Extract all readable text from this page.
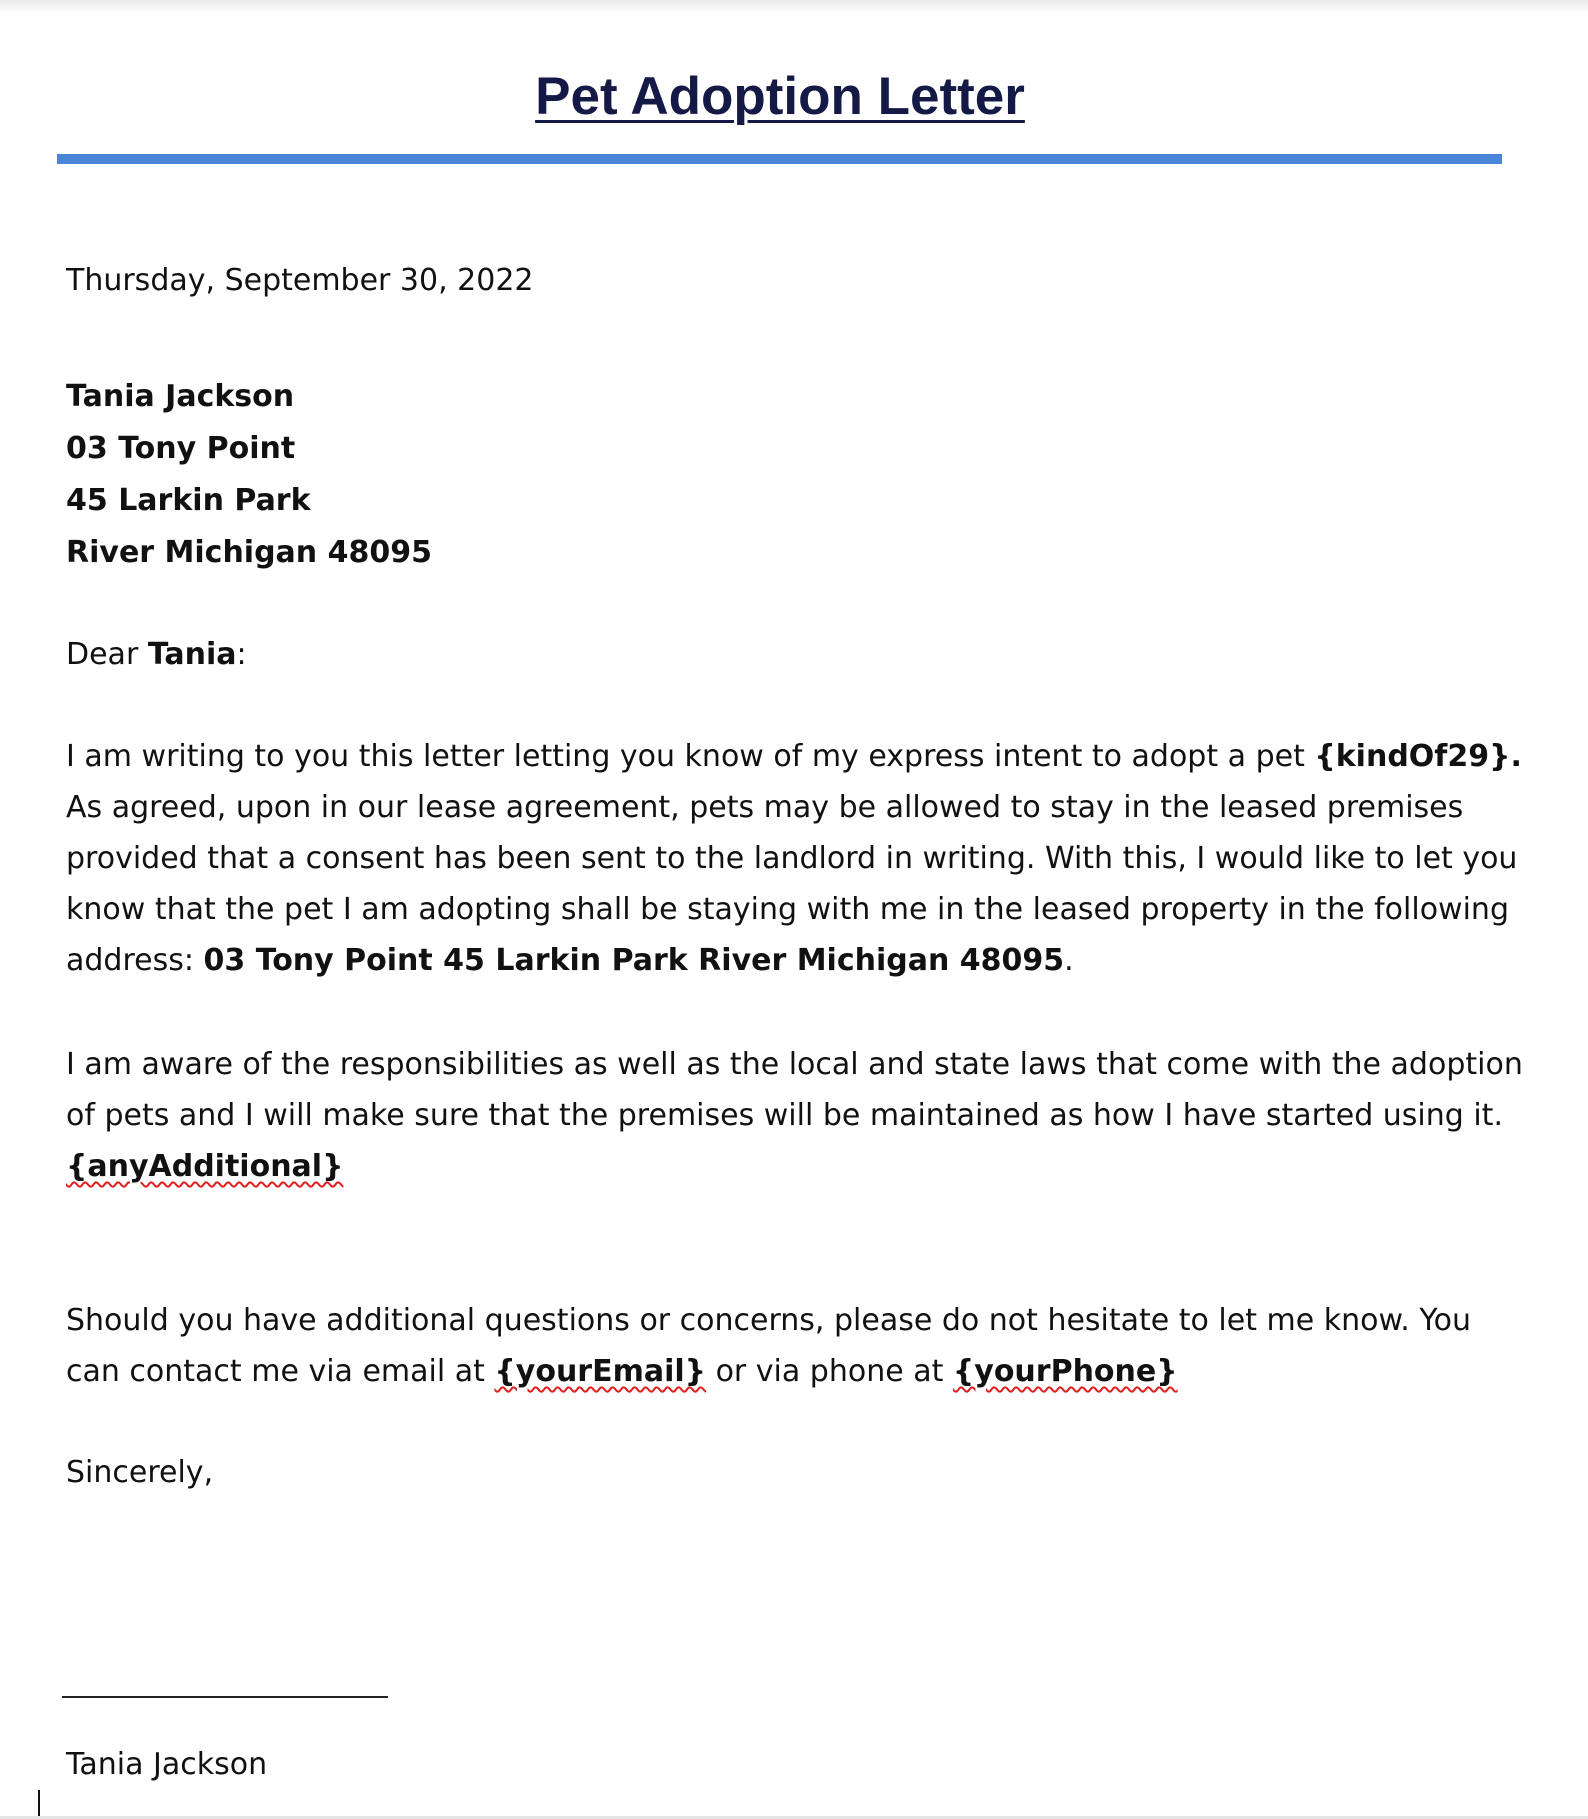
Pet Adoption Letter

Thursday, September 30, 2022

Tania Jackson

03 Tony Point

45 Larkin Park

River Michigan 48095

Dear Tania:

I am writing to you this letter letting you know of my express intent to adopt a pet {kindOf29}. As agreed, upon in our lease agreement, pets may be allowed to stay in the leased premises provided that a consent has been sent to the landlord in writing. With this, I would like to let you know that the pet I am adopting shall be staying with me in the leased property in the following address: 03 Tony Point 45 Larkin Park River Michigan 48095.

I am aware of the responsibilities as well as the local and state laws that come with the adoption of pets and I will make sure that the premises will be maintained as how I have started using it.
{anyAdditional}

Should you have additional questions or concerns, please do not hesitate to let me know. You can contact me via email at {yourEmail} or via phone at {yourPhone}

Sincerely,

Tania Jackson
